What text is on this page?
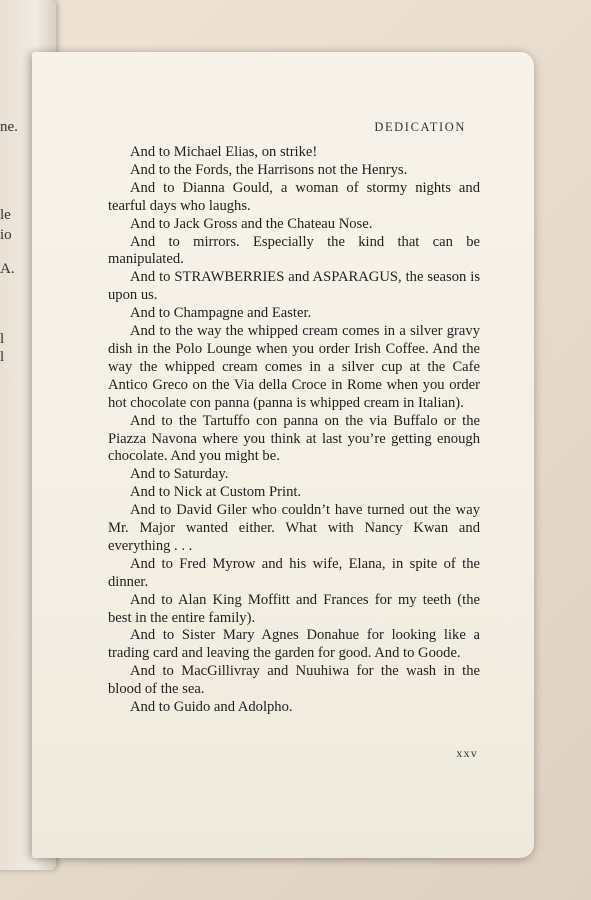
ne.
le
io
A.
l
l
DEDICATION

And to Michael Elias, on strike!

And to the Fords, the Harrisons not the Henrys.

And to Dianna Gould, a woman of stormy nights and tearful days who laughs.

And to Jack Gross and the Chateau Nose.

And to mirrors. Especially the kind that can be manipulated.

And to STRAWBERRIES and ASPARAGUS, the season is upon us.

And to Champagne and Easter.

And to the way the whipped cream comes in a silver gravy dish in the Polo Lounge when you order Irish Coffee. And the way the whipped cream comes in a silver cup at the Cafe Antico Greco on the Via della Croce in Rome when you order hot chocolate con panna (panna is whipped cream in Italian).

And to the Tartuffo con panna on the via Buffalo or the Piazza Navona where you think at last you’re getting enough chocolate. And you might be.

And to Saturday.

And to Nick at Custom Print.

And to David Giler who couldn’t have turned out the way Mr. Major wanted either. What with Nancy Kwan and everything . . .

And to Fred Myrow and his wife, Elana, in spite of the dinner.

And to Alan King Moffitt and Frances for my teeth (the best in the entire family).

And to Sister Mary Agnes Donahue for looking like a trading card and leaving the garden for good. And to Goode.

And to MacGillivray and Nuuhiwa for the wash in the blood of the sea.

And to Guido and Adolpho.

xxv
